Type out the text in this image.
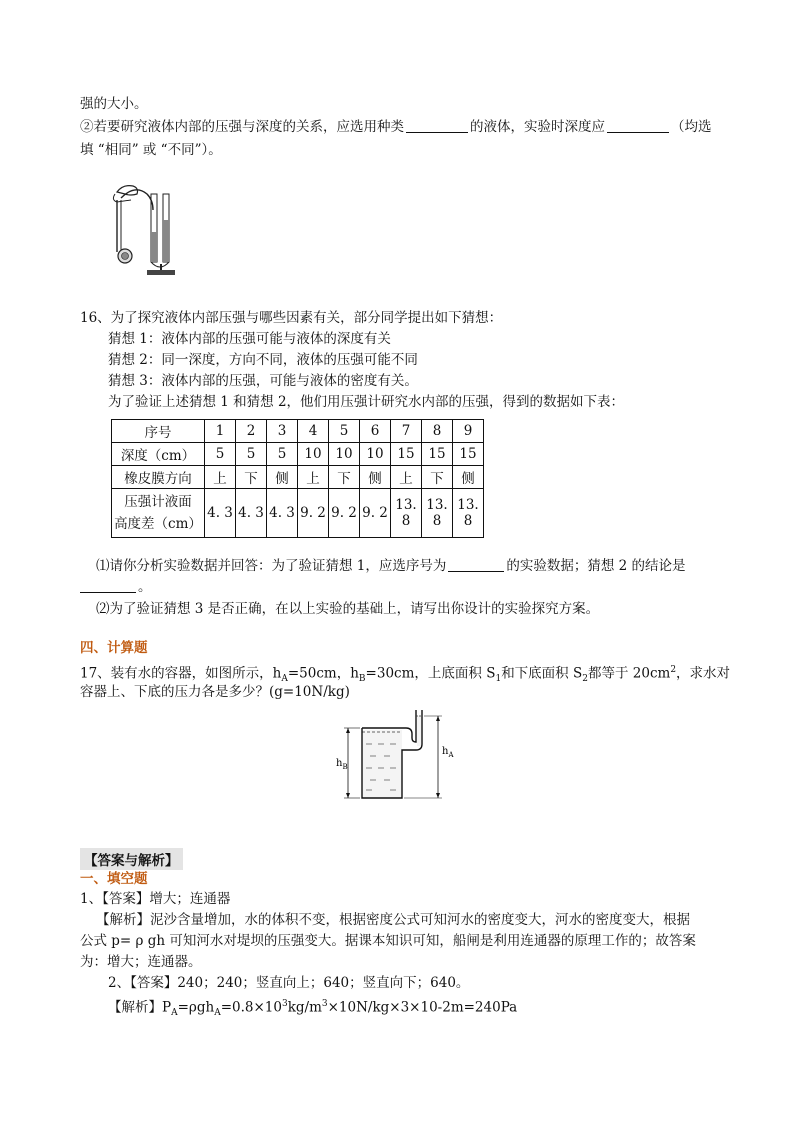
强的大小。
②若要研究液体内部的压强与深度的关系，应选用种类	的液体，实验时深度应	（均选
填 “相同” 或 “不同”）。
16、为了探究液体内部压强与哪些因素有关，部分同学提出如下猜想：
猜想 1：液体内部的压强可能与液体的深度有关
猜想 2：同一深度，方向不同，液体的压强可能不同
猜想 3：液体内部的压强，可能与液体的密度有关。
为了验证上述猜想 1 和猜想 2，他们用压强计研究水内部的压强，得到的数据如下表：
序号	1	2	3	4	5	6	7	8	9
深度（cm）	5	5	5	10	10	10	15	15	15
橡皮膜方向	上	下	侧	上	下	侧	上	下	侧
压强计液面
高度差（cm）	4. 3	4. 3	4. 3	9. 2	9. 2	9. 2	13. 8	13. 8	13. 8
⑴请你分析实验数据并回答：为了验证猜想 1，应选序号为	的实验数据；猜想 2 的结论是
。
⑵为了验证猜想 3 是否正确，在以上实验的基础上，请写出你设计的实验探究方案。
四、计算题
17、装有水的容器，如图所示，$h_A=50cm$，$h_B=30cm$，上底面积 $S_1$和下底面积 $S_2$都等于 $20cm^2$，求水对
容器上、下底的压力各是多少？(g=10N/kg)
$h_B$
$h_A$
【答案与解析】
一、填空题
1、【答案】增大；连通器
【解析】泥沙含量增加，水的体积不变，根据密度公式可知河水的密度变大，河水的密度变大，根据
公式 p= ρ gh 可知河水对堤坝的压强变大。据课本知识可知，船闸是利用连通器的原理工作的；故答案
为：增大；连通器。
2、【答案】240；240；竖直向上；640；竖直向下；640。
【解析】$P_A=\rho gh_A=0.8\times 10^3kg/m^3\times 10N/kg\times 3\times 10-2m=240Pa$
